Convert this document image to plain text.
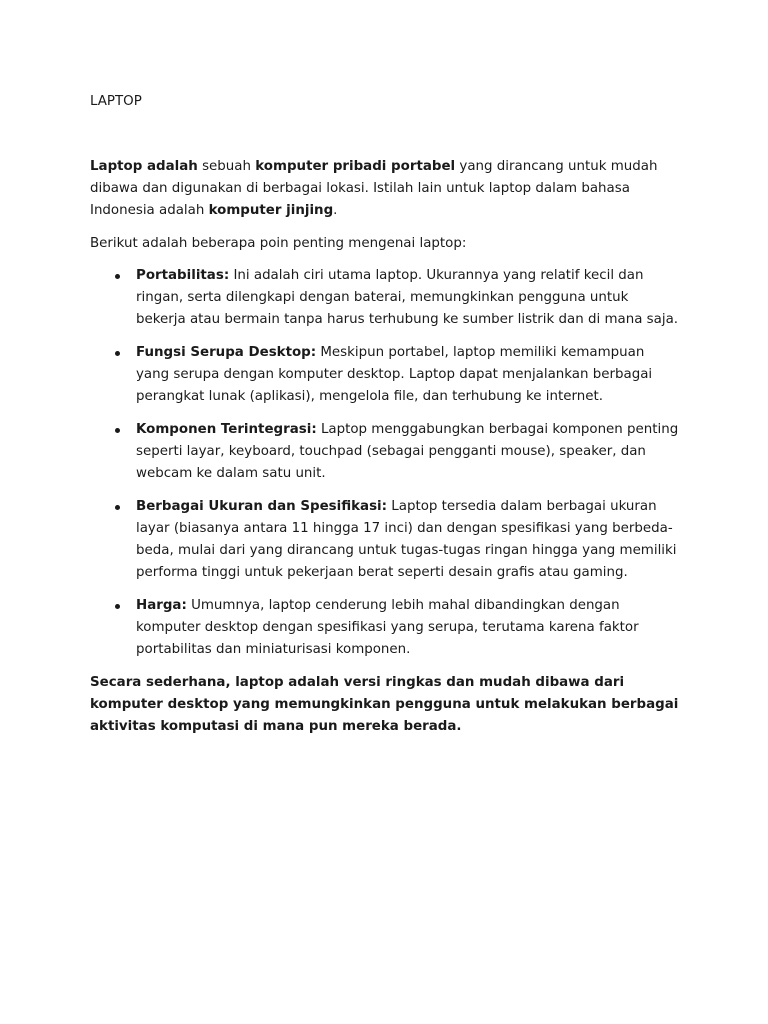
LAPTOP

Laptop adalah sebuah komputer pribadi portabel yang dirancang untuk mudah dibawa dan digunakan di berbagai lokasi. Istilah lain untuk laptop dalam bahasa Indonesia adalah komputer jinjing.

Berikut adalah beberapa poin penting mengenai laptop:

Portabilitas: Ini adalah ciri utama laptop. Ukurannya yang relatif kecil dan ringan, serta dilengkapi dengan baterai, memungkinkan pengguna untuk bekerja atau bermain tanpa harus terhubung ke sumber listrik dan di mana saja.
Fungsi Serupa Desktop: Meskipun portabel, laptop memiliki kemampuan yang serupa dengan komputer desktop. Laptop dapat menjalankan berbagai perangkat lunak (aplikasi), mengelola file, dan terhubung ke internet.
Komponen Terintegrasi: Laptop menggabungkan berbagai komponen penting seperti layar, keyboard, touchpad (sebagai pengganti mouse), speaker, dan webcam ke dalam satu unit.
Berbagai Ukuran dan Spesifikasi: Laptop tersedia dalam berbagai ukuran layar (biasanya antara 11 hingga 17 inci) dan dengan spesifikasi yang berbeda-beda, mulai dari yang dirancang untuk tugas-tugas ringan hingga yang memiliki performa tinggi untuk pekerjaan berat seperti desain grafis atau gaming.
Harga: Umumnya, laptop cenderung lebih mahal dibandingkan dengan komputer desktop dengan spesifikasi yang serupa, terutama karena faktor portabilitas dan miniaturisasi komponen.

Secara sederhana, laptop adalah versi ringkas dan mudah dibawa dari komputer desktop yang memungkinkan pengguna untuk melakukan berbagai aktivitas komputasi di mana pun mereka berada.
